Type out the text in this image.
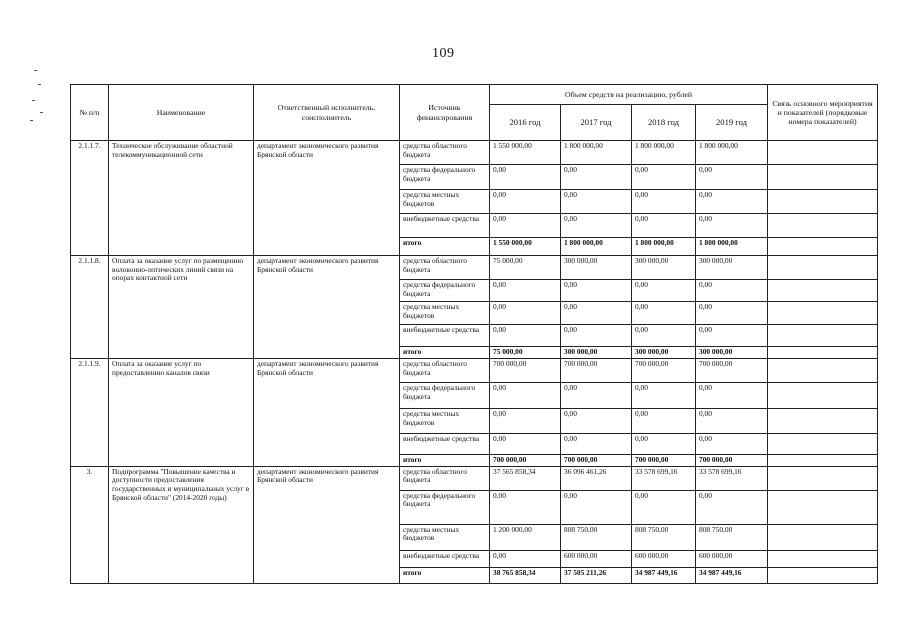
109
№ п/п	Наименование	Ответственный исполнитель, соисполнитель	Источник финансирования	Объем средств на реализацию, рублей				Связь основного мероприятия и показателей (порядковые номера показателей)
				2016 год	2017 год	2018 год	2019 год	
2.1.1.7.	Техническое обслуживание областной телекоммуникационной сети	департамент экономического развития Брянской области	средства областного бюджета	1 550 000,00	1 800 000,00	1 800 000,00	1 800 000,00	
			средства федерального бюджета	0,00	0,00	0,00	0,00	
			средства местных бюджетов	0,00	0,00	0,00	0,00	
			внебюджетные средства	0,00	0,00	0,00	0,00	
			итого	1 550 000,00	1 800 000,00	1 800 000,00	1 800 000,00	
2.1.1.8.	Оплата за оказание услуг по размещению волоконно-оптических линий связи на опорах контактной сети	департамент экономического развития Брянской области	средства областного бюджета	75 000,00	300 000,00	300 000,00	300 000,00	
			средства федерального бюджета	0,00	0,00	0,00	0,00	
			средства местных бюджетов	0,00	0,00	0,00	0,00	
			внебюджетные средства	0,00	0,00	0,00	0,00	
			итого	75 000,00	300 000,00	300 000,00	300 000,00	
2.1.1.9.	Оплата за оказание услуг по предоставлению каналов связи	департамент экономического развития Брянской области	средства областного бюджета	700 000,00	700 000,00	700 000,00	700 000,00	
			средства федерального бюджета	0,00	0,00	0,00	0,00	
			средства местных бюджетов	0,00	0,00	0,00	0,00	
			внебюджетные средства	0,00	0,00	0,00	0,00	
			итого	700 000,00	700 000,00	700 000,00	700 000,00	
3.	Подпрограмма "Повышение качества и доступности предоставления государственных и муниципальных услуг в Брянской области" (2014-2020 годы)	департамент экономического развития Брянской области	средства областного бюджета	37 565 858,34	36 096 461,26	33 578 699,16	33 578 699,16	
			средства федерального бюджета	0,00	0,00	0,00	0,00	
			средства местных бюджетов	1 200 000,00	808 750,00	808 750,00	808 750,00	
			внебюджетные средства	0,00	600 000,00	600 000,00	600 000,00	
			итого	38 765 858,34	37 505 211,26	34 987 449,16	34 987 449,16	
